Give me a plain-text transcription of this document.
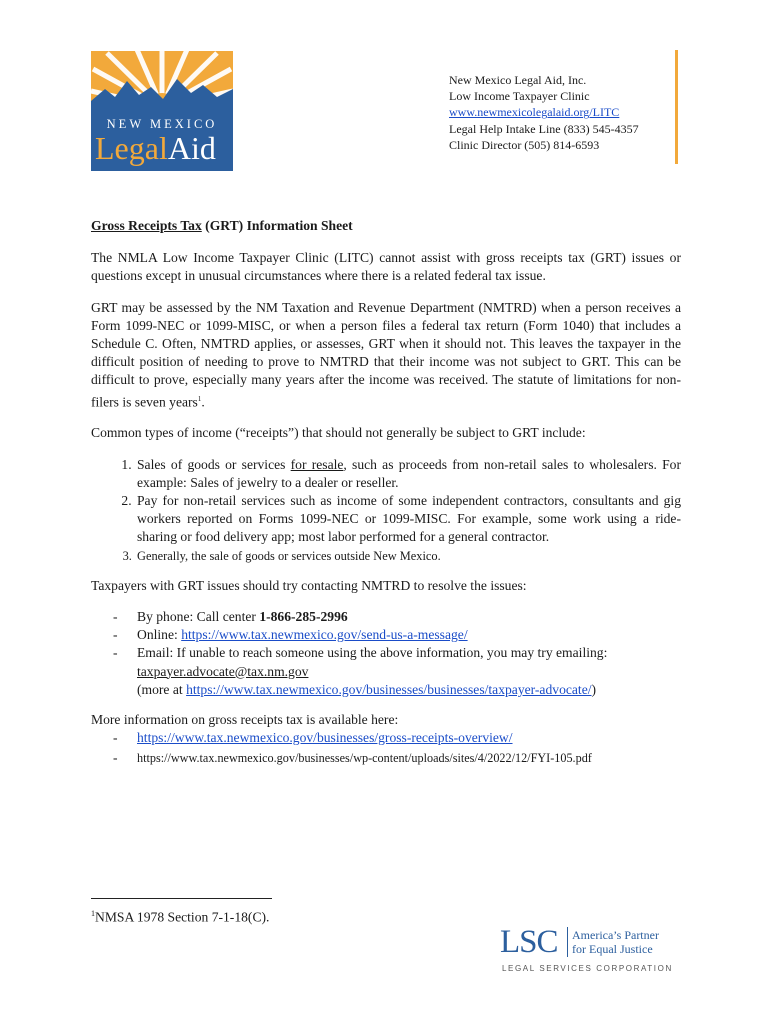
NEW MEXICO
LegalAid
New Mexico Legal Aid, Inc.
Low Income Taxpayer Clinic
www.newmexicolegalaid.org/LITC
Legal Help Intake Line (833) 545-4357
Clinic Director (505) 814-6593

Gross Receipts Tax (GRT) Information Sheet

The NMLA Low Income Taxpayer Clinic (LITC) cannot assist with gross receipts tax (GRT) issues or questions except in unusual circumstances where there is a related federal tax issue.

GRT may be assessed by the NM Taxation and Revenue Department (NMTRD) when a person receives a Form 1099-NEC or 1099-MISC, or when a person files a federal tax return (Form 1040) that includes a Schedule C. Often, NMTRD applies, or assesses, GRT when it should not. This leaves the taxpayer in the difficult position of needing to prove to NMTRD that their income was not subject to GRT. This can be difficult to prove, especially many years after the income was received. The statute of limitations for non-filers is seven years$^1$.

Common types of income (“receipts”) that should not generally be subject to GRT include:

1. Sales of goods or services for resale, such as proceeds from non-retail sales to wholesalers. For example: Sales of jewelry to a dealer or reseller.
2. Pay for non-retail services such as income of some independent contractors, consultants and gig workers reported on Forms 1099-NEC or 1099-MISC. For example, some work using a ride-sharing or food delivery app; most labor performed for a general contractor.
3. Generally, the sale of goods or services outside New Mexico.

Taxpayers with GRT issues should try contacting NMTRD to resolve the issues:

- By phone: Call center 1-866-285-2996
- Online: https://www.tax.newmexico.gov/send-us-a-message/
- Email: If unable to reach someone using the above information, you may try emailing:
taxpayer.advocate@tax.nm.gov
(more at https://www.tax.newmexico.gov/businesses/businesses/taxpayer-advocate/)

More information on gross receipts tax is available here:

- https://www.tax.newmexico.gov/businesses/gross-receipts-overview/
- https://www.tax.newmexico.gov/businesses/wp-content/uploads/sites/4/2022/12/FYI-105.pdf
$^1$NMSA 1978 Section 7-1-18(C).
LSC America’s Partner
for Equal Justice
LEGAL SERVICES CORPORATION
